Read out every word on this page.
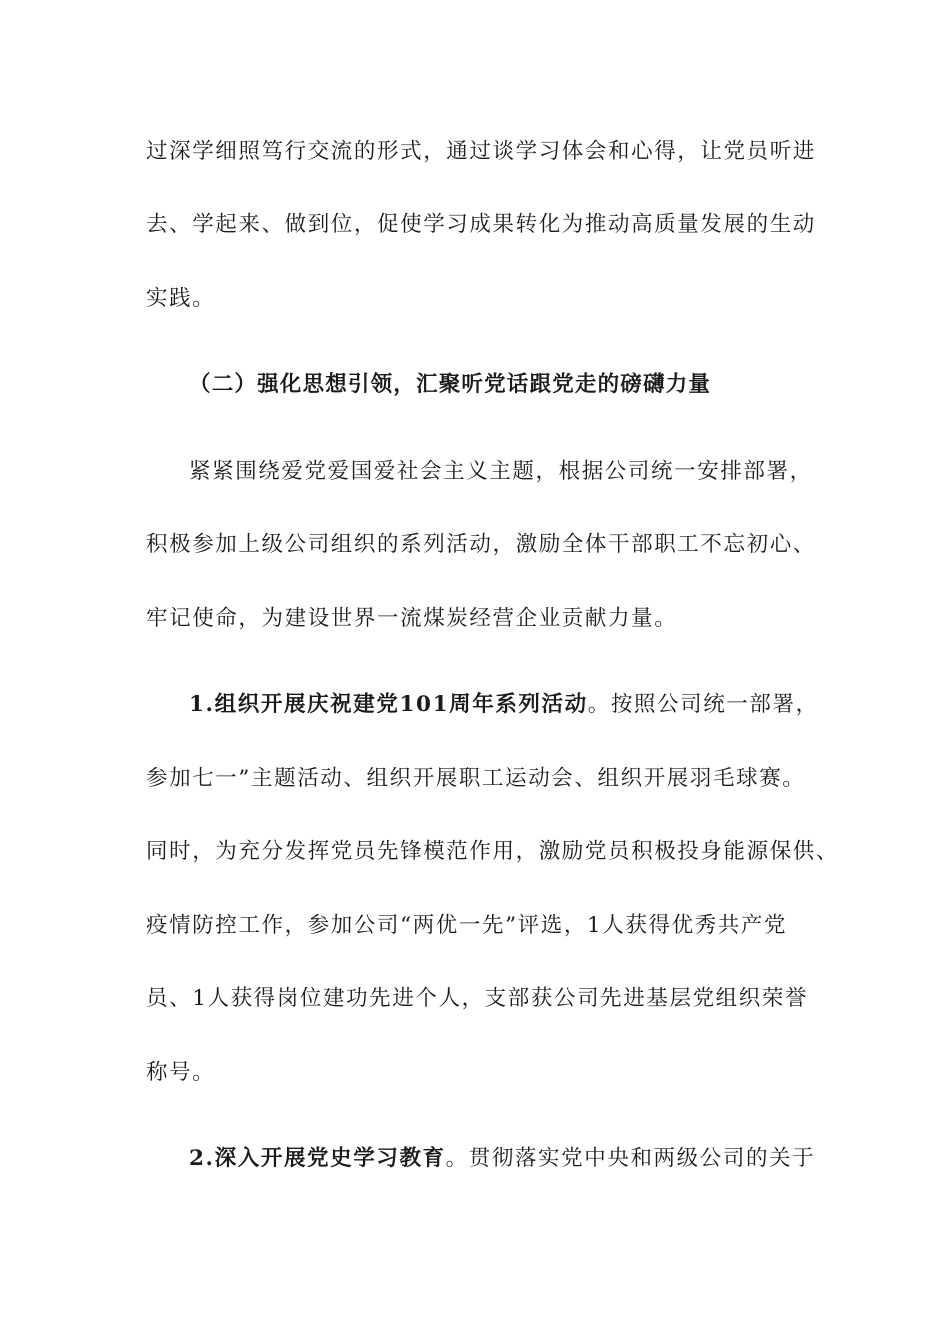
过深学细照笃行交流的形式，通过谈学习体会和心得，让党员听进
去、学起来、做到位，促使学习成果转化为推动高质量发展的生动
实践。
（二）强化思想引领，汇聚听党话跟党走的磅礴力量
紧紧围绕爱党爱国爱社会主义主题，根据公司统一安排部署，
积极参加上级公司组织的系列活动，激励全体干部职工不忘初心、
牢记使命，为建设世界一流煤炭经营企业贡献力量。
1.组织开展庆祝建党101周年系列活动。按照公司统一部署，
参加七一”主题活动、组织开展职工运动会、组织开展羽毛球赛。
同时，为充分发挥党员先锋模范作用，激励党员积极投身能源保供、
疫情防控工作，参加公司“两优一先”评选，1人获得优秀共产党
员、1人获得岗位建功先进个人，支部获公司先进基层党组织荣誉
称号。
2.深入开展党史学习教育。贯彻落实党中央和两级公司的关于
